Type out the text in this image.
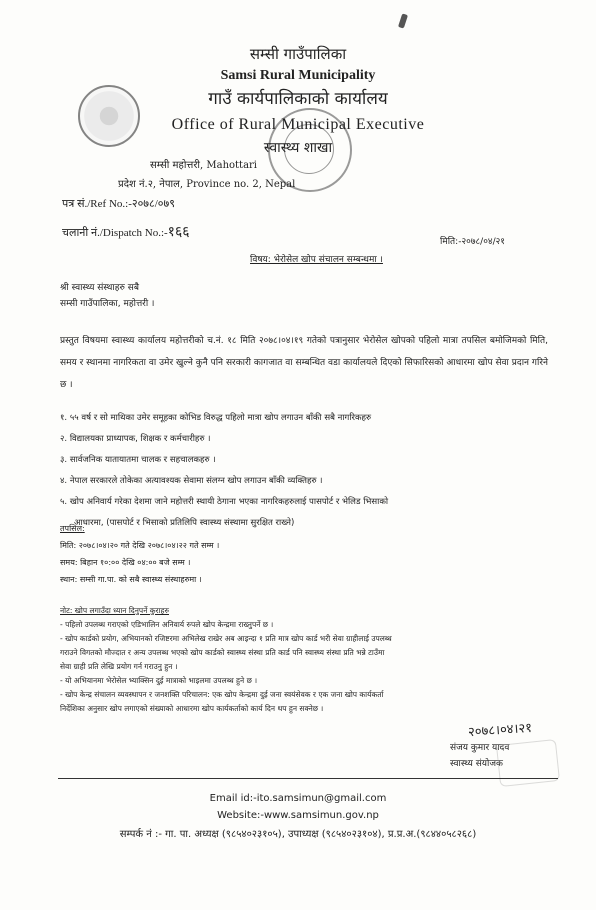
सम्सी गाउँपालिका
Samsi Rural Municipality
गाउँ कार्यपालिकाको कार्यालय
Office of Rural Municipal Executive
स्वास्थ्य शाखा
सम्सी महोत्तरी, Mahottari
प्रदेश नं.२, नेपाल, Province no. 2, Nepal
पत्र सं./Ref No.:-२०७८/०७९
चलानी नं./Dispatch No.:-१६६
मिति:-२०७८/०४/२१
विषय: भेरोसेल खोप संचालन सम्बन्धमा ।
श्री स्वास्थ्य संस्थाहरु सबै
सम्सी गाउँपालिका, महोत्तरी ।
प्रस्तुत विषयमा स्वास्थ्य कार्यालय महोत्तरीको च.नं. १८ मिति २०७८।०४।१९ गतेको पत्रानुसार भेरोसेल खोपको पहिलो मात्रा तपसिल बमोजिमको मिति, समय र स्थानमा नागरिकता वा उमेर खुल्ने कुनै पनि सरकारी कागजात वा सम्बन्धित वडा कार्यालयले दिएको सिफारिसको आधारमा खोप सेवा प्रदान गरिने छ ।
१. ५५ वर्ष र सो माथिका उमेर समूहका कोभिड विरुद्ध पहिलो मात्रा खोप लगाउन बाँकी सबै नागरिकहरु
२. विद्यालयका प्राध्यापक, शिक्षक र कर्मचारीहरु ।
३. सार्वजनिक यातायातमा चालक र सहचालकहरु ।
४. नेपाल सरकारले तोकेका अत्यावश्यक सेवामा संलग्न खोप लगाउन बाँकी व्यक्तिहरु ।
५. खोप अनिवार्य गरेका देशमा जाने महोत्तरी स्थायी ठेगाना भएका नागरिकहरुलाई पासपोर्ट र भेलिड भिसाको
आधारमा, (पासपोर्ट र भिसाको प्रतिलिपि स्वास्थ्य संस्थामा सुरक्षित राख्ने)
तपसिल:
मिति: २०७८।०४।२० गते देखि २०७८।०४।२२ गते सम्म ।
समय: बिहान १०:०० देखि ०४:०० बजे सम्म ।
स्थान: सम्सी गा.पा. को सबै स्वास्थ्य संस्थाहरुमा ।
नोट: खोप लगाउँदा ध्यान दिनुपर्ने कुराहरु
- पहिलो उपलब्ध गराएको एडिभालिन अनिवार्य रुपले खोप केन्द्रमा राख्नुपर्ने छ ।
- खोप कार्डको प्रयोग, अभियानको रजिष्टरमा अभिलेख राखेर अब आइन्दा १ प्रति मात्र खोप कार्ड भरी सेवा ग्राहीलाई उपलब्ध
गराउने विगतको मौज्दात र अन्य उपलब्ध भएको खोप कार्डको स्वास्थ्य संस्था प्रति कार्ड पनि स्वास्थ्य संस्था प्रति भन्ने टाउँमा
सेवा ग्राही प्रति लेखि प्रयोग गर्न गराउनु हुन ।
- यो अभियानमा भेरोसेल भ्याक्सिन दुई मात्राको भाइलमा उपलब्ध हुने छ ।
- खोप केन्द्र संचालन व्यवस्थापन र जनशक्ति परिचालन: एक खोप केन्द्रमा दुई जना स्वयंसेवक र एक जना खोप कार्यकर्ता
निर्देशिका अनुसार खोप लगाएको संख्याको आधारमा खोप कार्यकर्ताको कार्य दिन थप हुन सक्नेछ ।
२०७८।०४।२१
संजय कुमार यादव
स्वास्थ्य संयोजक
Email id:-ito.samsimun@gmail.com
Website:-www.samsimun.gov.np
सम्पर्क नं :- गा. पा. अध्यक्ष (९८५४०२३१०५), उपाध्यक्ष (९८५४०२३१०४), प्र.प्र.अ.(९८४४०५८२६८)
